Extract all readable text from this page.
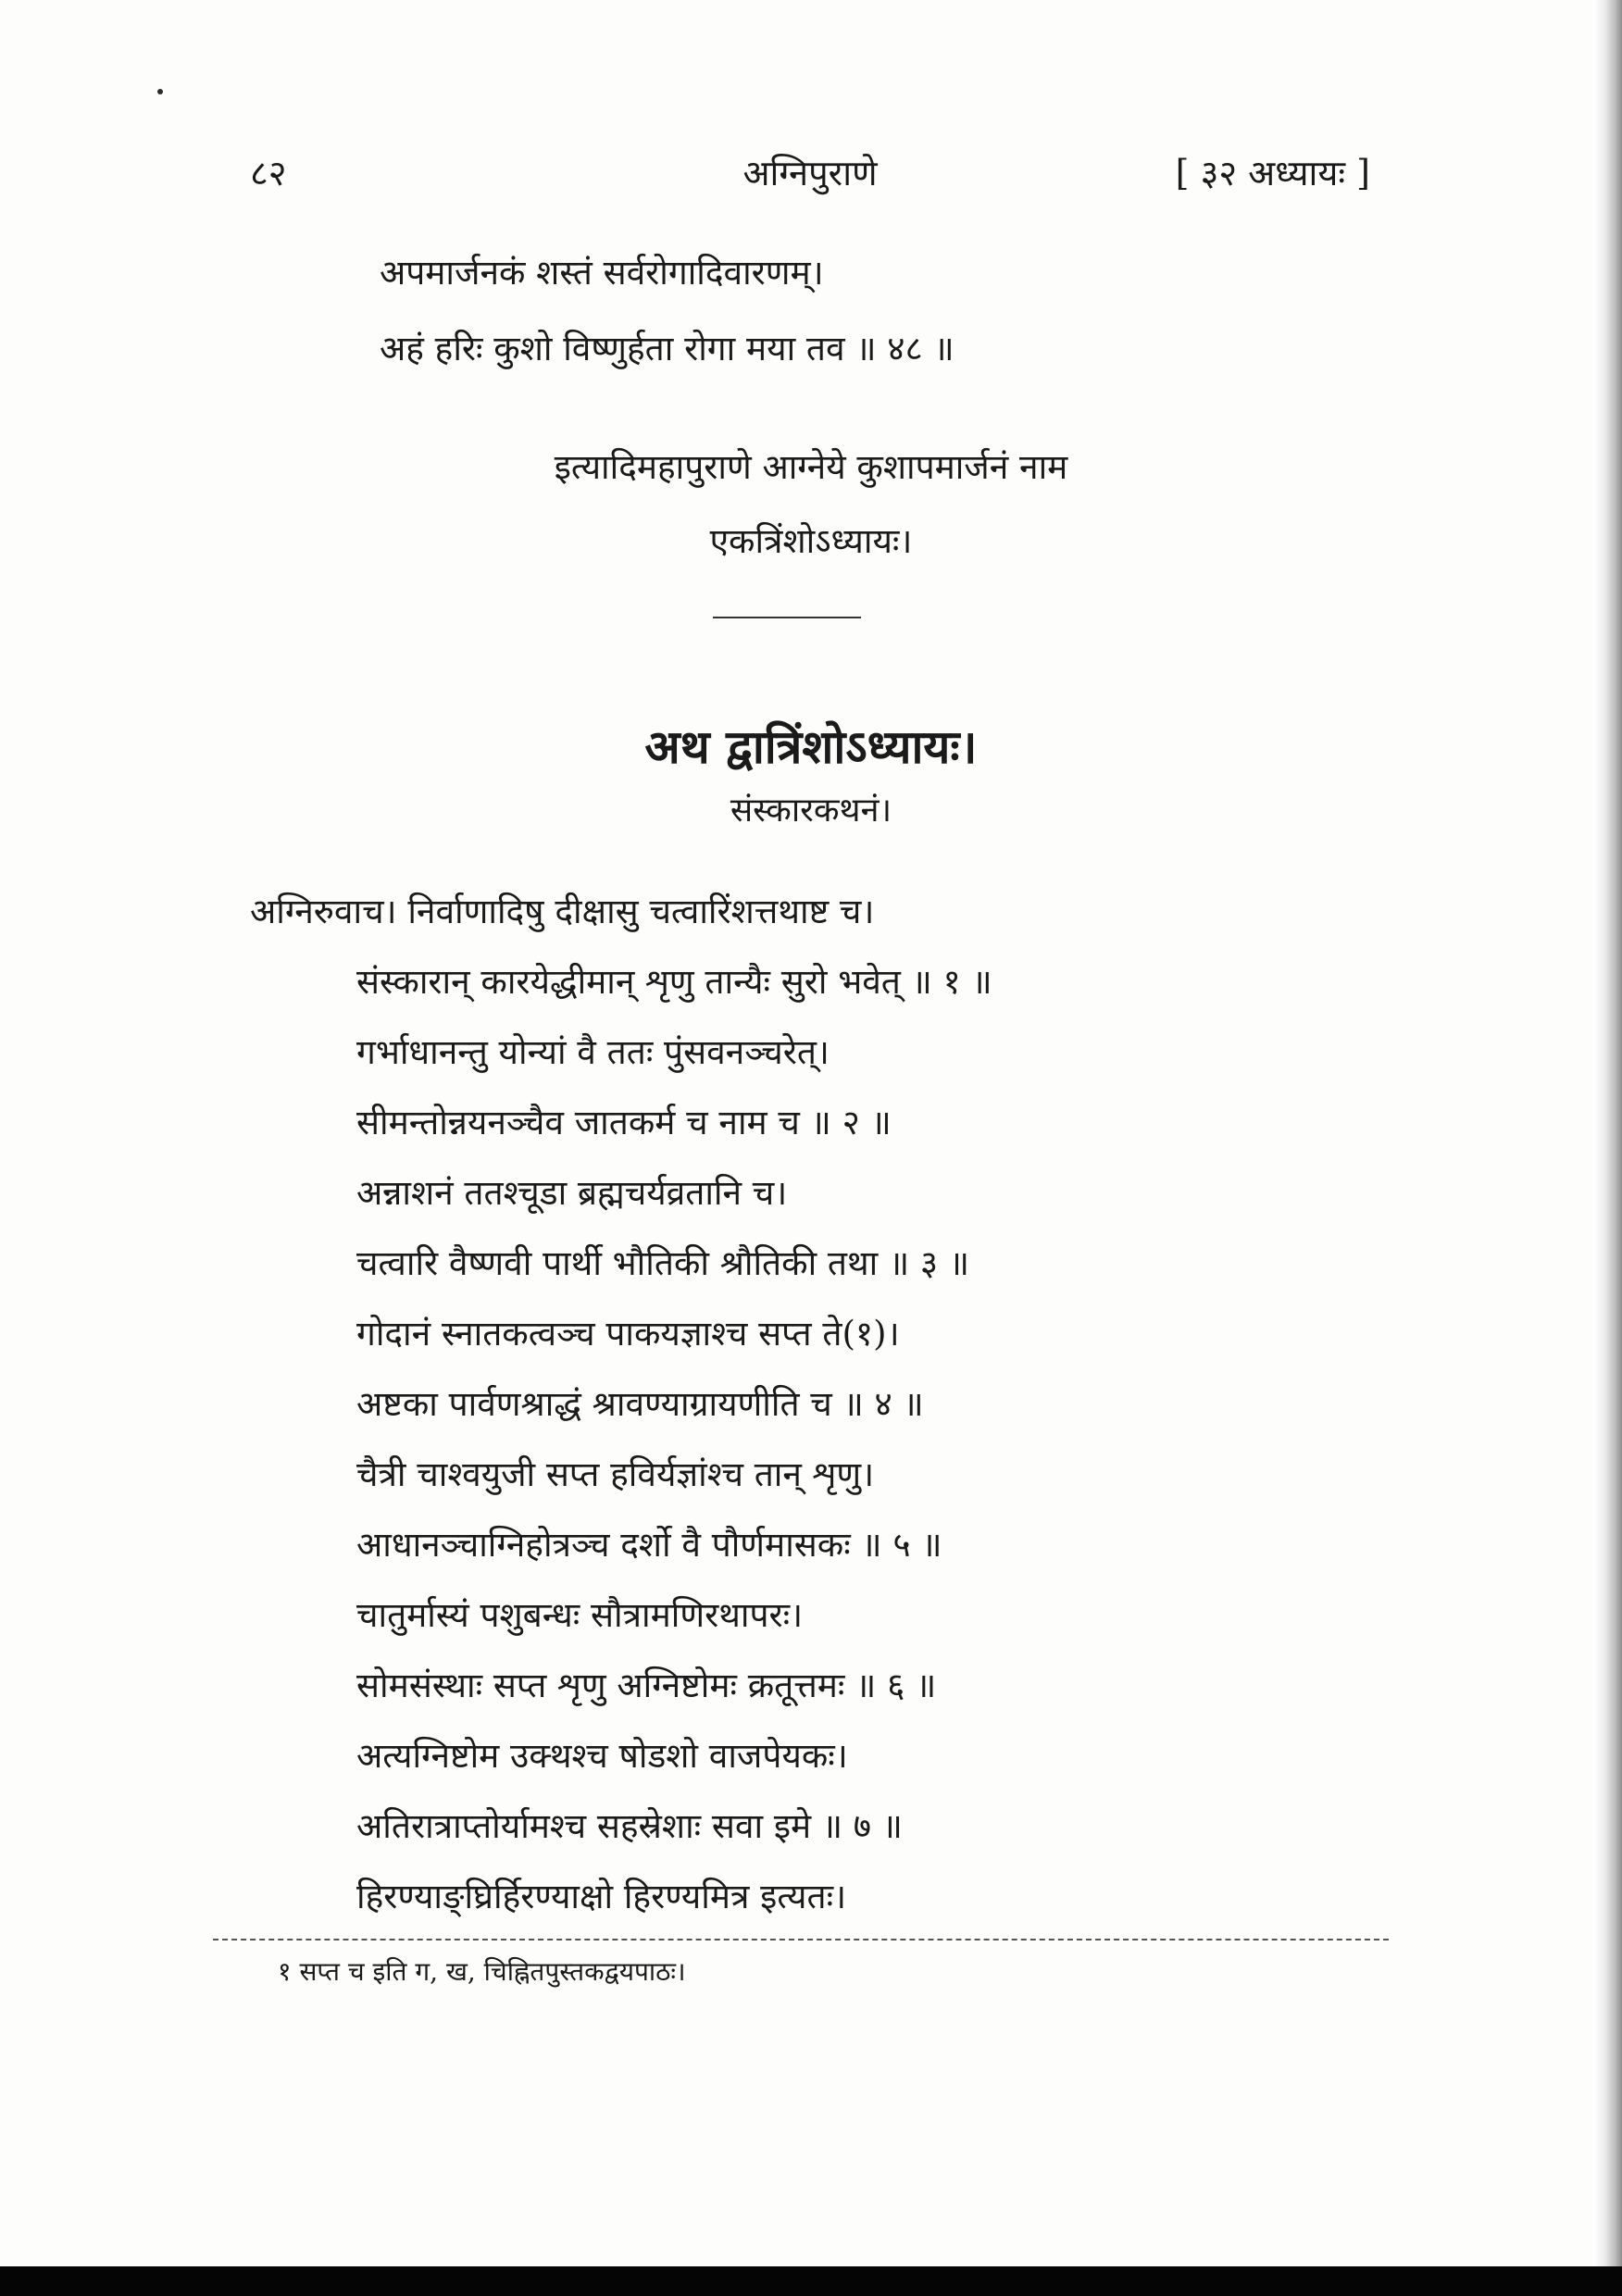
८२	अग्निपुराणे	[ ३२ अध्यायः ]
अपमार्जनकं शस्तं सर्वरोगादिवारणम्।
अहं हरिः कुशो विष्णुर्हता रोगा मया तव ॥ ४८ ॥
इत्यादिमहापुराणे आग्नेये कुशापमार्जनं नाम
एकत्रिंशोऽध्यायः।
अथ द्वात्रिंशोऽध्यायः।
संस्कारकथनं।
अग्निरुवाच। निर्वाणादिषु दीक्षासु चत्वारिंशत्तथाष्ट च।
संस्कारान् कारयेद्धीमान् शृणु तान्यैः सुरो भवेत् ॥ १ ॥
गर्भाधानन्तु योन्यां वै ततः पुंसवनञ्चरेत्।
सीमन्तोन्नयनञ्चैव जातकर्म च नाम च ॥ २ ॥
अन्नाशनं ततश्चूडा ब्रह्मचर्यव्रतानि च।
चत्वारि वैष्णवी पार्थी भौतिकी श्रौतिकी तथा ॥ ३ ॥
गोदानं स्नातकत्वञ्च पाकयज्ञाश्च सप्त ते(१)।
अष्टका पार्वणश्राद्धं श्रावण्याग्रायणीति च ॥ ४ ॥
चैत्री चाश्वयुजी सप्त हविर्यज्ञांश्च तान् शृणु।
आधानञ्चाग्निहोत्रञ्च दर्शो वै पौर्णमासकः ॥ ५ ॥
चातुर्मास्यं पशुबन्धः सौत्रामणिरथापरः।
सोमसंस्थाः सप्त शृणु अग्निष्टोमः क्रतूत्तमः ॥ ६ ॥
अत्यग्निष्टोम उक्थश्च षोडशो वाजपेयकः।
अतिरात्राप्तोर्यामश्च सहस्रेशाः सवा इमे ॥ ७ ॥
हिरण्याङ्घ्रिर्हिरण्याक्षो हिरण्यमित्र इत्यतः।
१ सप्त च इति ग, ख, चिह्नितपुस्तकद्वयपाठः।
